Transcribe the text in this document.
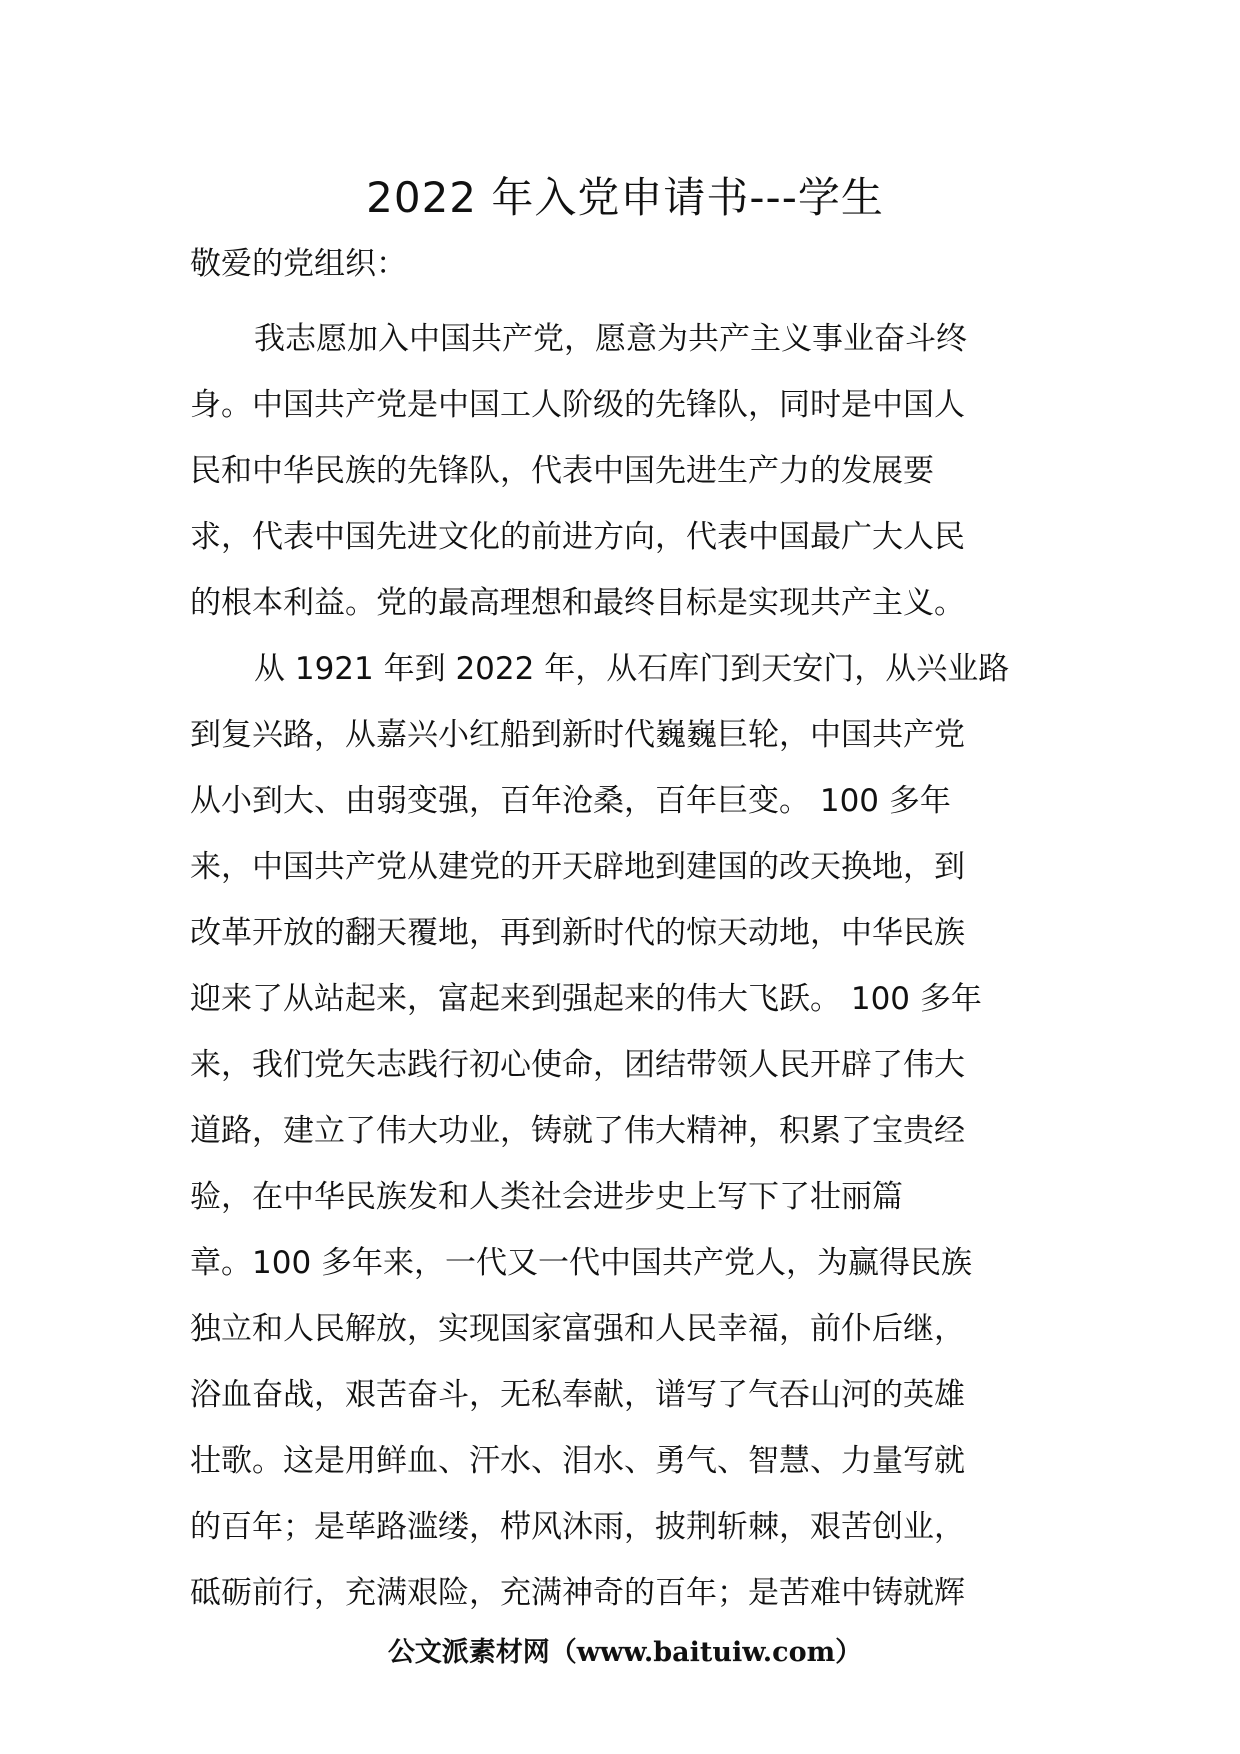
2022 年入党申请书---学生
敬爱的党组织：
我志愿加入中国共产党，愿意为共产主义事业奋斗终
身。中国共产党是中国工人阶级的先锋队，同时是中国人
民和中华民族的先锋队，代表中国先进生产力的发展要
求，代表中国先进文化的前进方向，代表中国最广大人民
的根本利益。党的最高理想和最终目标是实现共产主义。
从 1921 年到 2022 年，从石库门到天安门，从兴业路
到复兴路，从嘉兴小红船到新时代巍巍巨轮，中国共产党
从小到大、由弱变强，百年沧桑，百年巨变。 100 多年
来，中国共产党从建党的开天辟地到建国的改天换地，到
改革开放的翻天覆地，再到新时代的惊天动地，中华民族
迎来了从站起来，富起来到强起来的伟大飞跃。 100 多年
来，我们党矢志践行初心使命，团结带领人民开辟了伟大
道路，建立了伟大功业，铸就了伟大精神，积累了宝贵经
验，在中华民族发和人类社会进步史上写下了壮丽篇
章。100 多年来，一代又一代中国共产党人，为赢得民族
独立和人民解放，实现国家富强和人民幸福，前仆后继，
浴血奋战，艰苦奋斗，无私奉献，谱写了气吞山河的英雄
壮歌。这是用鲜血、汗水、泪水、勇气、智慧、力量写就
的百年；是荜路滥缕，栉风沐雨，披荆斩棘，艰苦创业，
砥砺前行，充满艰险，充满神奇的百年；是苦难中铸就辉
公文派素材网（www.baituiw.com）
